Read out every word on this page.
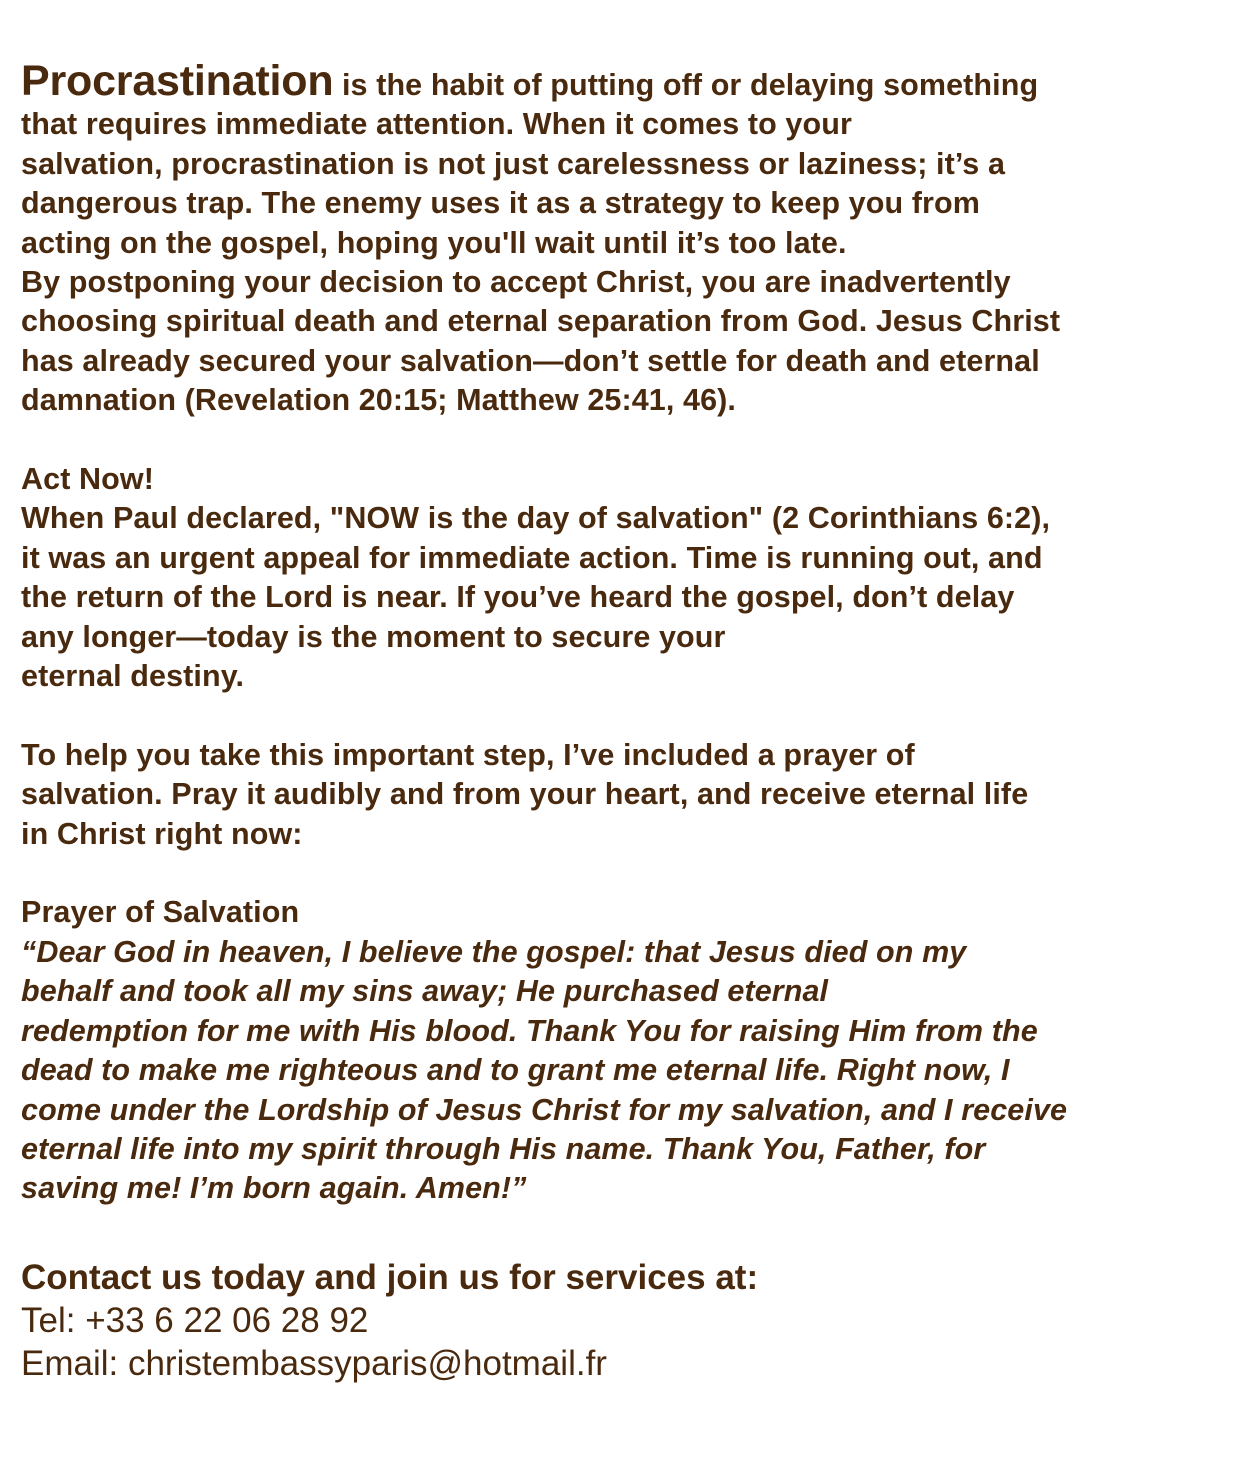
Procrastination is the habit of putting off or delaying something
that requires immediate attention. When it comes to your
salvation, procrastination is not just carelessness or laziness; it’s a
dangerous trap. The enemy uses it as a strategy to keep you from
acting on the gospel, hoping you'll wait until it’s too late.
By postponing your decision to accept Christ, you are inadvertently
choosing spiritual death and eternal separation from God. Jesus Christ
has already secured your salvation—don’t settle for death and eternal
damnation (Revelation 20:15; Matthew 25:41, 46).
Act Now!
When Paul declared, "NOW is the day of salvation" (2 Corinthians 6:2),
it was an urgent appeal for immediate action. Time is running out, and
the return of the Lord is near. If you’ve heard the gospel, don’t delay
any longer—today is the moment to secure your
eternal destiny.
To help you take this important step, I’ve included a prayer of
salvation. Pray it audibly and from your heart, and receive eternal life
in Christ right now:
Prayer of Salvation
“Dear God in heaven, I believe the gospel: that Jesus died on my
behalf and took all my sins away; He purchased eternal
redemption for me with His blood. Thank You for raising Him from the
dead to make me righteous and to grant me eternal life. Right now, I
come under the Lordship of Jesus Christ for my salvation, and I receive
eternal life into my spirit through His name. Thank You, Father, for
saving me! I’m born again. Amen!”
Contact us today and join us for services at:
Tel: +33 6 22 06 28 92
Email: christembassyparis@hotmail.fr
